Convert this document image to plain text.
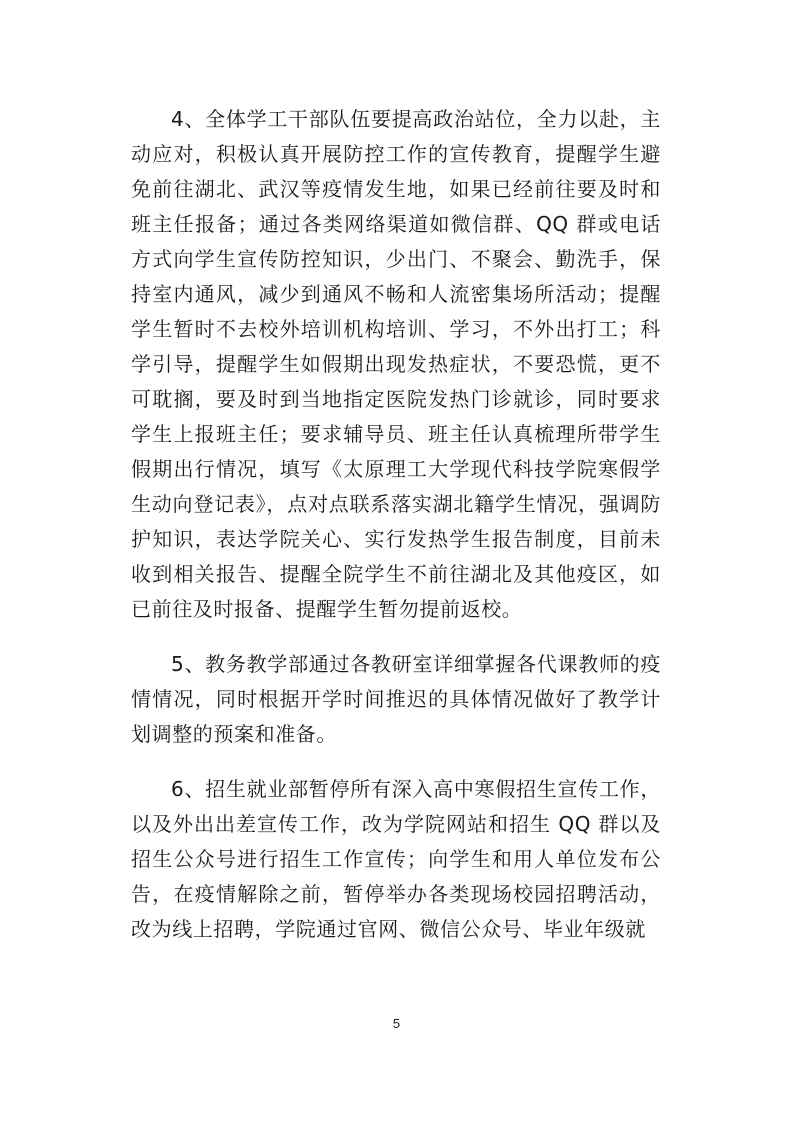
4、全体学工干部队伍要提高政治站位，全力以赴，主动应对，积极认真开展防控工作的宣传教育，提醒学生避免前往湖北、武汉等疫情发生地，如果已经前往要及时和班主任报备；通过各类网络渠道如微信群、QQ 群或电话方式向学生宣传防控知识，少出门、不聚会、勤洗手，保持室内通风，减少到通风不畅和人流密集场所活动；提醒学生暂时不去校外培训机构培训、学习，不外出打工；科学引导，提醒学生如假期出现发热症状，不要恐慌，更不可耽搁，要及时到当地指定医院发热门诊就诊，同时要求学生上报班主任；要求辅导员、班主任认真梳理所带学生假期出行情况，填写《太原理工大学现代科技学院寒假学生动向登记表》，点对点联系落实湖北籍学生情况，强调防护知识，表达学院关心、实行发热学生报告制度，目前未收到相关报告、提醒全院学生不前往湖北及其他疫区，如已前往及时报备、提醒学生暂勿提前返校。

5、教务教学部通过各教研室详细掌握各代课教师的疫情情况，同时根据开学时间推迟的具体情况做好了教学计划调整的预案和准备。

6、招生就业部暂停所有深入高中寒假招生宣传工作，以及外出出差宣传工作，改为学院网站和招生 QQ 群以及招生公众号进行招生工作宣传；向学生和用人单位发布公告，在疫情解除之前，暂停举办各类现场校园招聘活动，改为线上招聘，学院通过官网、微信公众号、毕业年级就

5
